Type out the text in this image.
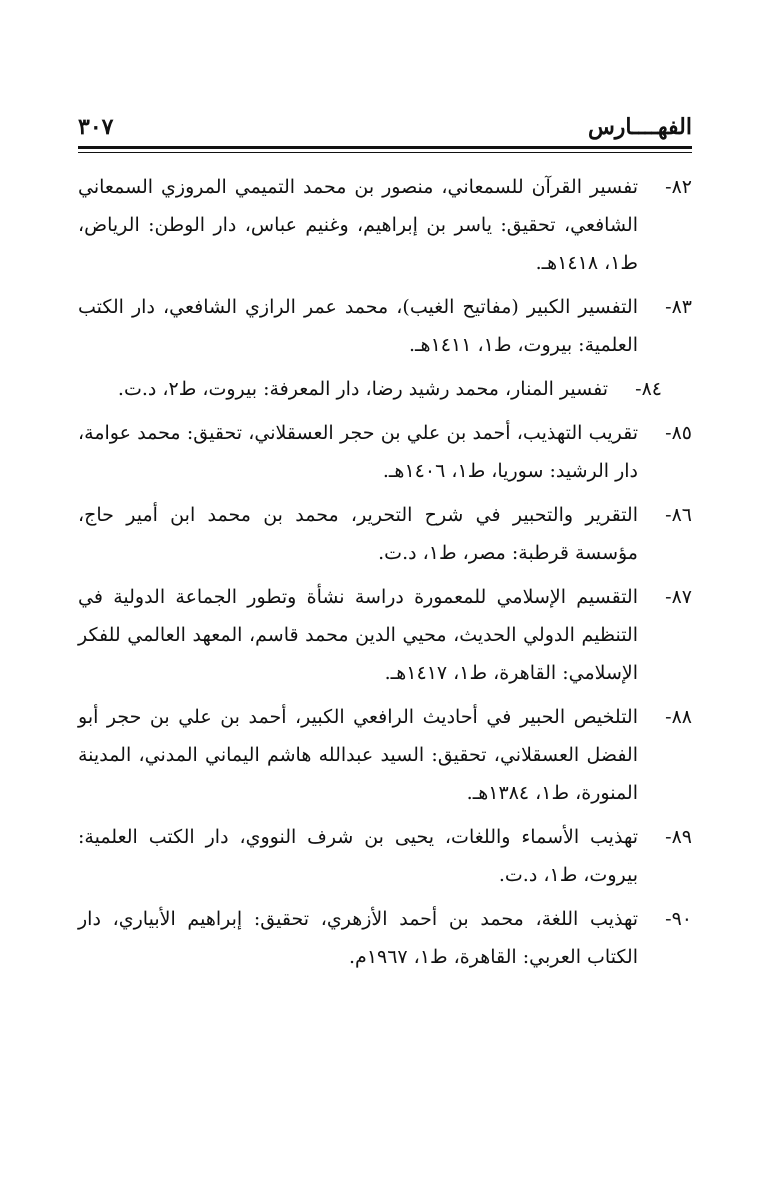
الفهــــارس
٣٠٧
٨٢-
تفسير القرآن للسمعاني، منصور بن محمد التميمي المروزي السمعاني الشافعي، تحقيق: ياسر بن إبراهيم، وغنيم عباس، دار الوطن: الرياض، ط١، ١٤١٨هـ.
٨٣-
التفسير الكبير (مفاتيح الغيب)، محمد عمر الرازي الشافعي، دار الكتب العلمية: بيروت، ط١، ١٤١١هـ.
٨٤-
تفسير المنار، محمد رشيد رضا، دار المعرفة: بيروت، ط٢، د.ت.
٨٥-
تقريب التهذيب، أحمد بن علي بن حجر العسقلاني، تحقيق: محمد عوامة، دار الرشيد: سوريا، ط١، ١٤٠٦هـ.
٨٦-
التقرير والتحبير في شرح التحرير، محمد بن محمد ابن أمير حاج، مؤسسة قرطبة: مصر، ط١، د.ت.
٨٧-
التقسيم الإسلامي للمعمورة دراسة نشأة وتطور الجماعة الدولية في التنظيم الدولي الحديث، محيي الدين محمد قاسم، المعهد العالمي للفكر الإسلامي: القاهرة، ط١، ١٤١٧هـ.
٨٨-
التلخيص الحبير في أحاديث الرافعي الكبير، أحمد بن علي بن حجر أبو الفضل العسقلاني، تحقيق: السيد عبدالله هاشم اليماني المدني، المدينة المنورة، ط١، ١٣٨٤هـ.
٨٩-
تهذيب الأسماء واللغات، يحيى بن شرف النووي، دار الكتب العلمية: بيروت، ط١، د.ت.
٩٠-
تهذيب اللغة، محمد بن أحمد الأزهري، تحقيق: إبراهيم الأبياري، دار الكتاب العربي: القاهرة، ط١، ١٩٦٧م.
